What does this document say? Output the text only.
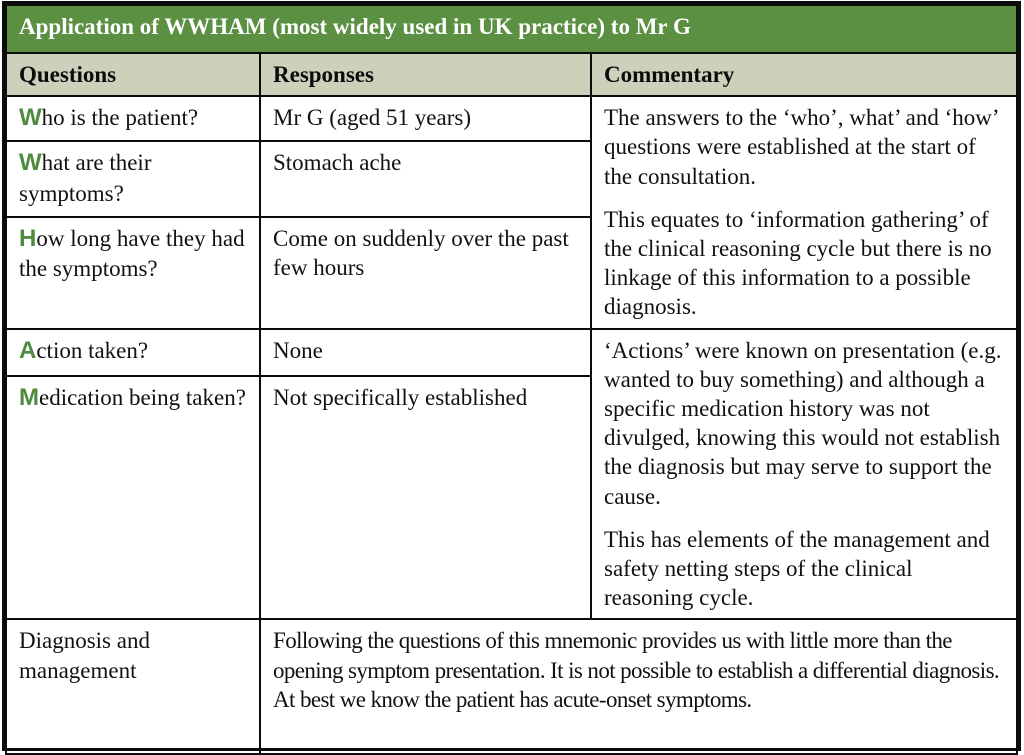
Application of WWHAM (most widely used in UK practice) to Mr G		
Questions	Responses	Commentary
Who is the patient?	Mr G (aged 51 years)	The answers to the ‘who’, what’ and ‘how’ questions were established at the start of the consultation.

This equates to ‘information gathering’ of the clinical reasoning cycle but there is no linkage of this information to a possible diagnosis.

What are their symptoms?	Stomach ache	
How long have they had the symptoms?	Come on suddenly over the past few hours	
Action taken?	None	‘Actions’ were known on presentation (e.g. wanted to buy something) and although a specific medication history was not divulged, knowing this would not establish the diagnosis but may serve to support the cause.

This has elements of the management and safety netting steps of the clinical reasoning cycle.

Medication being taken?	Not specifically established	
Diagnosis and management	Following the questions of this mnemonic provides us with little more than the opening symptom presentation. It is not possible to establish a differential diagnosis. At best we know the patient has acute-onset symptoms.	
